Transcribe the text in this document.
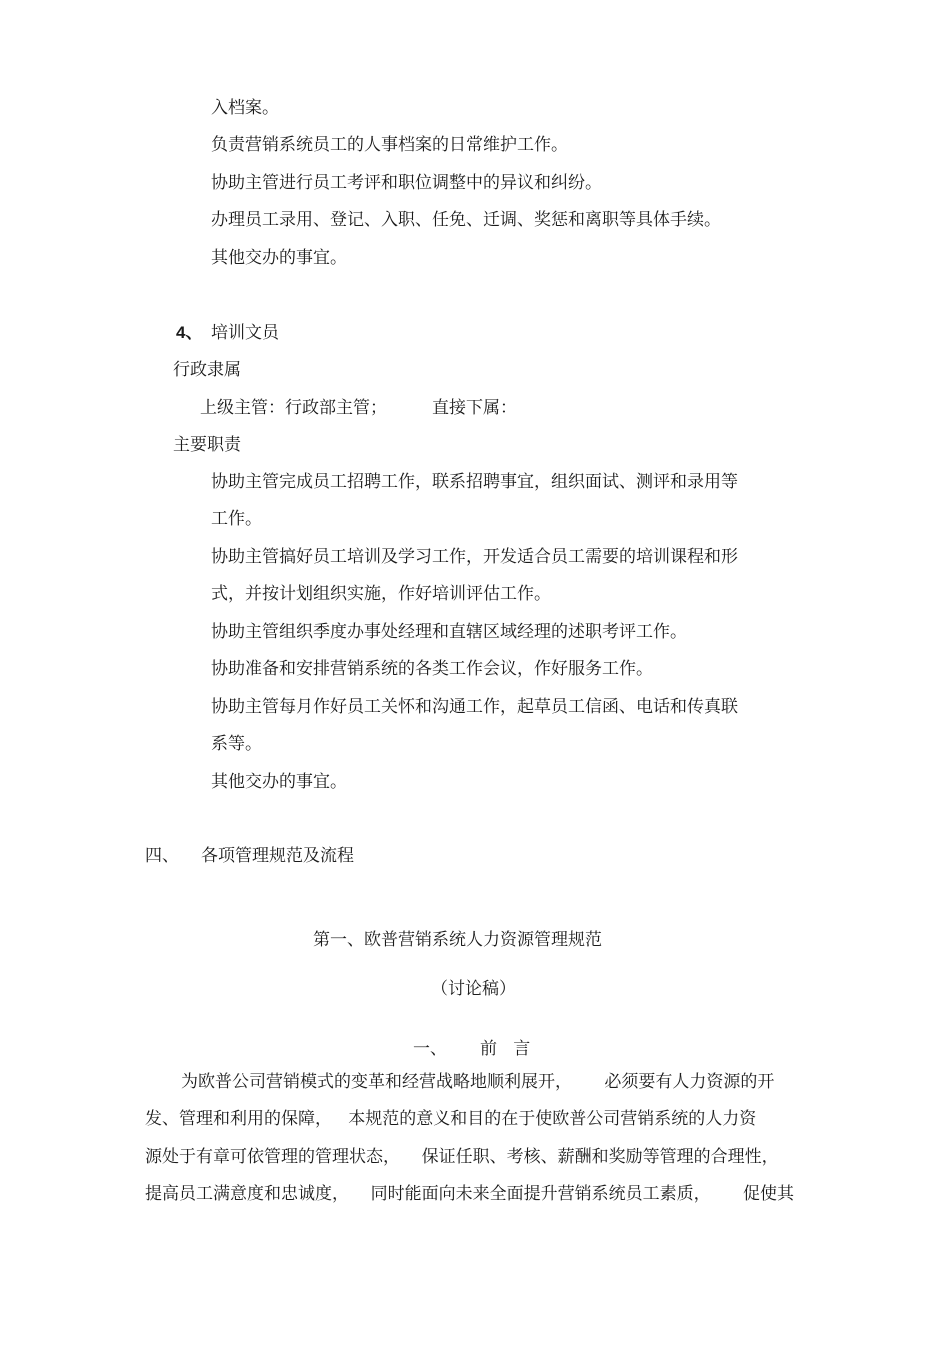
入档案。
负责营销系统员工的人事档案的日常维护工作。
协助主管进行员工考评和职位调整中的异议和纠纷。
办理员工录用、登记、入职、任免、迁调、奖惩和离职等具体手续。
其他交办的事宜。
4、 培训文员
行政隶属
上级主管：行政部主管；	直接下属：
主要职责
协助主管完成员工招聘工作，联系招聘事宜，组织面试、测评和录用等
工作。
协助主管搞好员工培训及学习工作，开发适合员工需要的培训课程和形
式，并按计划组织实施，作好培训评估工作。
协助主管组织季度办事处经理和直辖区域经理的述职考评工作。
协助准备和安排营销系统的各类工作会议，作好服务工作。
协助主管每月作好员工关怀和沟通工作，起草员工信函、电话和传真联
系等。
其他交办的事宜。
四、 各项管理规范及流程
第一、欧普营销系统人力资源管理规范
（讨论稿）
一、 前   言
为欧普公司营销模式的变革和经营战略地顺利展开，      必须要有人力资源的开
发、管理和利用的保障，   本规范的意义和目的在于使欧普公司营销系统的人力资
源处于有章可依管理的管理状态，    保证任职、考核、薪酬和奖励等管理的合理性，
提高员工满意度和忠诚度，    同时能面向未来全面提升营销系统员工素质，      促使其
